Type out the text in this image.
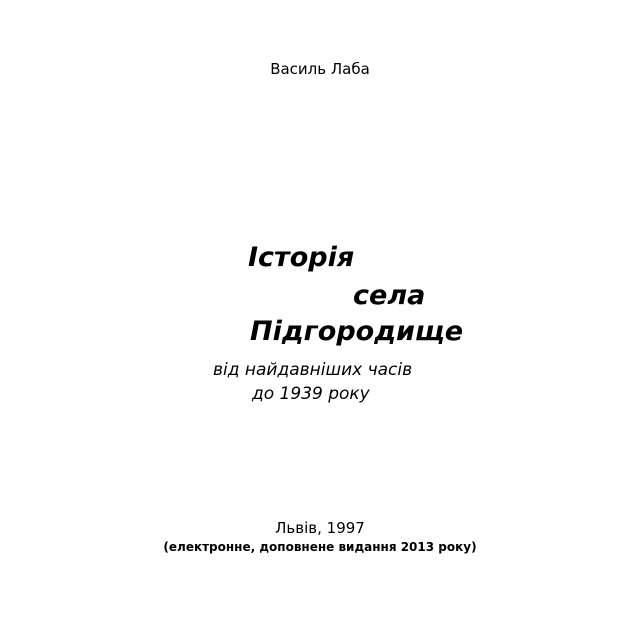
Василь Лаба
Історія
села
Підгородище
від найдавніших часів
до 1939 року
Львів, 1997
(електронне, доповнене видання 2013 року)
